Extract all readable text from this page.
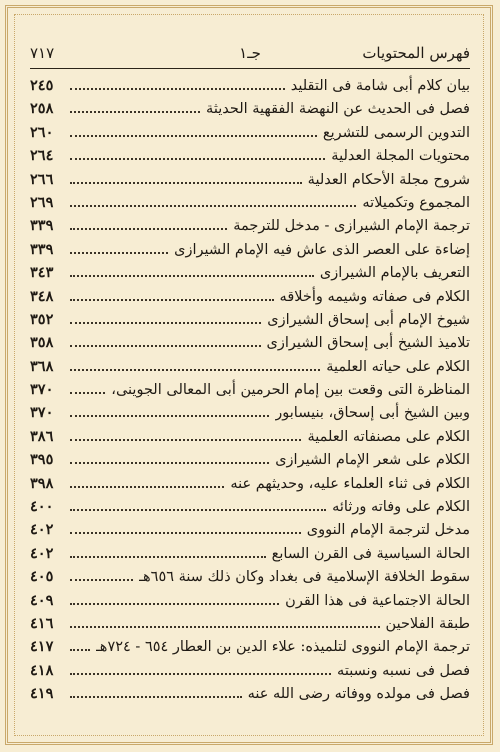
فهرس المحتويات
جـ١
٧١٧
بيان كلام أبى شامة فى التقليد
٢٤٥
فصل فى الحديث عن النهضة الفقهية الحديثة
٢٥٨
التدوين الرسمى للتشريع
٢٦٠
محتويات المجلة العدلية
٢٦٤
شروح مجلة الأحكام العدلية
٢٦٦
المجموع وتكميلاته
٢٦٩
ترجمة الإمام الشيرازى - مدخل للترجمة
٣٣٩
إضاءة على العصر الذى عاش فيه الإمام الشيرازى
٣٣٩
التعريف بالإمام الشيرازى
٣٤٣
الكلام فى صفاته وشيمه وأخلاقه
٣٤٨
شيوخ الإمام أبى إسحاق الشيرازى
٣٥٢
تلاميذ الشيخ أبى إسحاق الشيرازى
٣٥٨
الكلام على حياته العلمية
٣٦٨
المناظرة التى وقعت بين إمام الحرمين أبى المعالى الجوينى،
٣٧٠
وبين الشيخ أبى إسحاق، بنيسابور
٣٧٠
الكلام على مصنفاته العلمية
٣٨٦
الكلام على شعر الإمام الشيرازى
٣٩٥
الكلام فى ثناء العلماء عليه، وحديثهم عنه
٣٩٨
الكلام على وفاته ورثائه
٤٠٠
مدخل لترجمة الإمام النووى
٤٠٢
الحالة السياسية فى القرن السابع
٤٠٢
سقوط الخلافة الإسلامية فى بغداد وكان ذلك سنة ٦٥٦هـ
٤٠٥
الحالة الاجتماعية فى هذا القرن
٤٠٩
طبقة الفلاحين
٤١٦
ترجمة الإمام النووى لتلميذه: علاء الدين بن العطار ٦٥٤ - ٧٢٤هـ
٤١٧
فصل فى نسبه ونسبته
٤١٨
فصل فى مولده ووفاته رضى الله عنه
٤١٩
